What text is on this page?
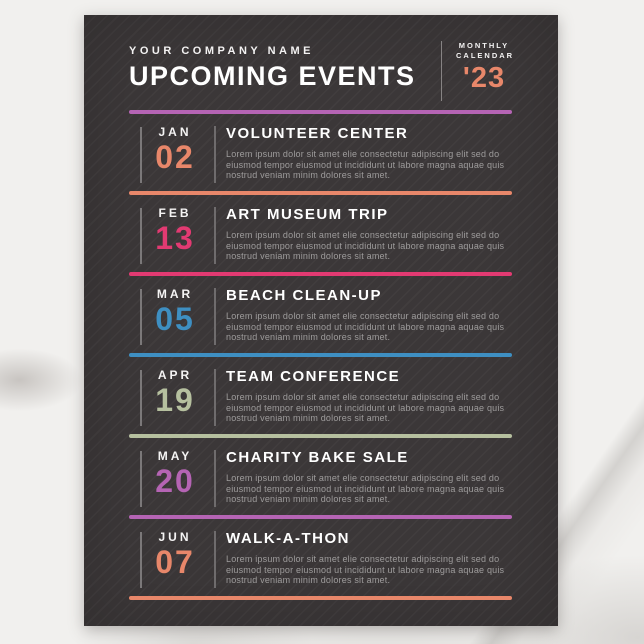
YOUR COMPANY NAME
UPCOMING EVENTS
MONTHLY
CALENDAR
'23
JAN
02
VOLUNTEER CENTER
Lorem ipsum dolor sit amet elie consectetur adipiscing elit sed do eiusmod tempor eiusmod ut incididunt ut labore magna aquae quis nostrud veniam minim dolores sit amet.
FEB
13
ART MUSEUM TRIP
Lorem ipsum dolor sit amet elie consectetur adipiscing elit sed do eiusmod tempor eiusmod ut incididunt ut labore magna aquae quis nostrud veniam minim dolores sit amet.
MAR
05
BEACH CLEAN-UP
Lorem ipsum dolor sit amet elie consectetur adipiscing elit sed do eiusmod tempor eiusmod ut incididunt ut labore magna aquae quis nostrud veniam minim dolores sit amet.
APR
19
TEAM CONFERENCE
Lorem ipsum dolor sit amet elie consectetur adipiscing elit sed do eiusmod tempor eiusmod ut incididunt ut labore magna aquae quis nostrud veniam minim dolores sit amet.
MAY
20
CHARITY BAKE SALE
Lorem ipsum dolor sit amet elie consectetur adipiscing elit sed do eiusmod tempor eiusmod ut incididunt ut labore magna aquae quis nostrud veniam minim dolores sit amet.
JUN
07
WALK-A-THON
Lorem ipsum dolor sit amet elie consectetur adipiscing elit sed do eiusmod tempor eiusmod ut incididunt ut labore magna aquae quis nostrud veniam minim dolores sit amet.
